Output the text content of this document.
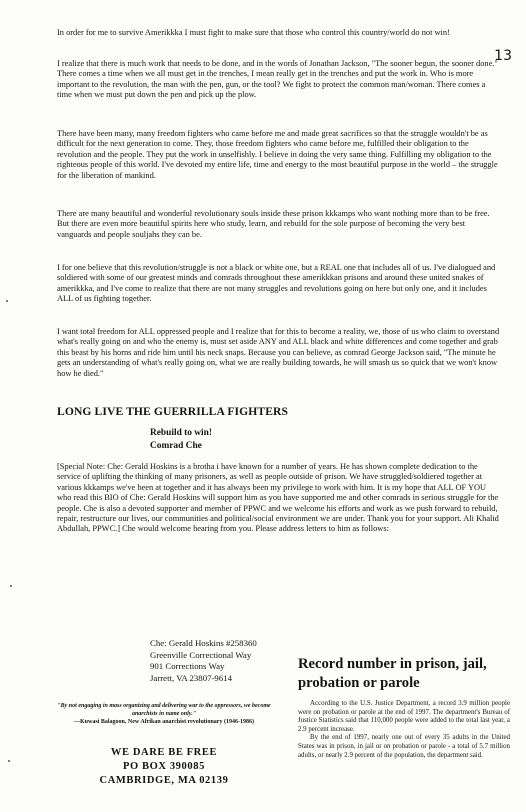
13

In order for me to survive Amerikkka I must fight to make sure that those who control this country/world do not win!

I realize that there is much work that needs to be done, and in the words of Jonathan Jackson, "The sooner begun, the sooner done." There comes a time when we all must get in the trenches, I mean really get in the trenches and put the work in. Who is more important to the revolution, the man with the pen, gun, or the tool? We fight to protect the common man/woman. There comes a time when we must put down the pen and pick up the plow.

There have been many, many freedom fighters who came before me and made great sacrifices so that the struggle wouldn't be as difficult for the next generation to come. They, those freedom fighters who came before me, fulfilled their obligation to the revolution and the people. They put the work in unselfishly. I believe in doing the very same thing. Fulfilling my obligation to the righteous people of this world. I've devoted my entire life, time and energy to the most beautiful purpose in the world – the struggle for the liberation of mankind.

There are many beautiful and wonderful revolutionary souls inside these prison kkkamps who want nothing more than to be free. But there are even more beautiful spirits here who study, learn, and rebuild for the sole purpose of becoming the very best vanguards and people souljahs they can be.

I for one believe that this revolution/struggle is not a black or white one, but a REAL one that includes all of us. I've dialogued and soldiered with some of our greatest minds and comrads throughout these amerikkkan prisons and around these united snakes of amerikkka, and I've come to realize that there are not many struggles and revolutions going on here but only one, and it includes ALL of us fighting together.

I want total freedom for ALL oppressed people and I realize that for this to become a reality, we, those of us who claim to overstand what's really going on and who the enemy is, must set aside ANY and ALL black and white differences and come together and grab this beast by his horns and ride him until his neck snaps. Because you can believe, as comrad George Jackson said, "The minute he gets an understanding of what's really going on, what we are really building towards, he will smash us so quick that we won't know how he died."

LONG LIVE THE GUERRILLA FIGHTERS
Rebuild to win!
Comrad Che

[Special Note: Che: Gerald Hoskins is a brotha i have known for a number of years. He has shown complete dedication to the service of uplifting the thinking of many prisoners, as well as people outside of prison. We have struggled/soldiered together at various kkkamps we've been at together and it has always been my privilege to work with him. It is my hope that ALL OF YOU who read this BIO of Che: Gerald Hoskins will support him as you have supported me and other comrads in serious struggle for the people. Che is also a devoted supporter and member of PPWC and we welcome his efforts and work as we push forward to rebuild, repair, restructure our lives, our communities and political/social environment we are under. Thank you for your support. Ali Khalid Abdullah, PPWC.] Che would welcome hearing from you. Please address letters to him as follows:

Che: Gerald Hoskins #258360
Greenville Correctional Way
901 Corrections Way
Jarrett, VA 23807-9614
"By not engaging in mass organizing and delivering war to the oppressors, we become anarchists in name only."
—Kuwasi Balagoon, New Afrikan anarchist revolutionary (1946-1986)
WE DARE BE FREE
PO BOX 390085
CAMBRIDGE, MA 02139
Record number in prison, jail, probation or parole

According to the U.S. Justice Department, a record 3.9 million people were on probation or parole at the end of 1997. The department's Bureau of Justice Statistics said that 110,000 people were added to the total last year, a 2.9 percent increase.

By the end of 1997, nearly one out of every 35 adults in the United States was in prison, in jail or on probation or parole - a total of 5.7 million adults, or nearly 2.9 percent of the population, the department said.
